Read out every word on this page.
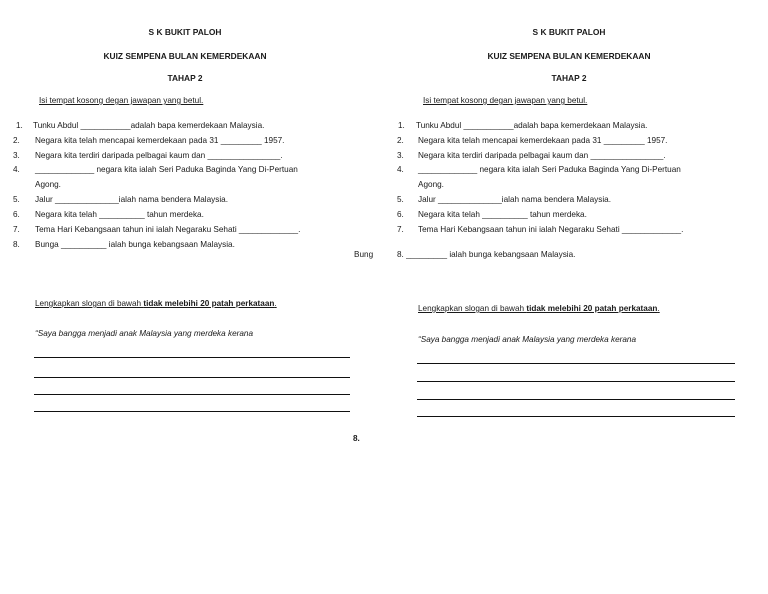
S K BUKIT PALOH
KUIZ SEMPENA BULAN KEMERDEKAAN
TAHAP 2
Isi tempat kosong degan jawapan yang betul.
1. Tunku Abdul ___________adalah bapa kemerdekaan Malaysia.
2. Negara kita telah mencapai kemerdekaan pada 31 _________ 1957.
3. Negara kita terdiri daripada pelbagai kaum dan ________________.
4. _____________ negara kita ialah Seri Paduka Baginda Yang Di-Pertuan
Agong.
5. Jalur ______________ialah nama bendera Malaysia.
6. Negara kita telah __________ tahun merdeka.
7. Tema Hari Kebangsaan tahun ini ialah Negaraku Sehati _____________.
8. Bunga __________ ialah bunga kebangsaan Malaysia.
Lengkapkan slogan di bawah tidak melebihi 20 patah perkataan.
“Saya bangga menjadi anak Malaysia yang merdeka kerana
Bung
8.
S K BUKIT PALOH
KUIZ SEMPENA BULAN KEMERDEKAAN
TAHAP 2
Isi tempat kosong degan jawapan yang betul.
1. Tunku Abdul ___________adalah bapa kemerdekaan Malaysia.
2. Negara kita telah mencapai kemerdekaan pada 31 _________ 1957.
3. Negara kita terdiri daripada pelbagai kaum dan ________________.
4. _____________ negara kita ialah Seri Paduka Baginda Yang Di-Pertuan
Agong.
5. Jalur ______________ialah nama bendera Malaysia.
6. Negara kita telah __________ tahun merdeka.
7. Tema Hari Kebangsaan tahun ini ialah Negaraku Sehati _____________.
8. _________ ialah bunga kebangsaan Malaysia.
Lengkapkan slogan di bawah tidak melebihi 20 patah perkataan.
“Saya bangga menjadi anak Malaysia yang merdeka kerana
